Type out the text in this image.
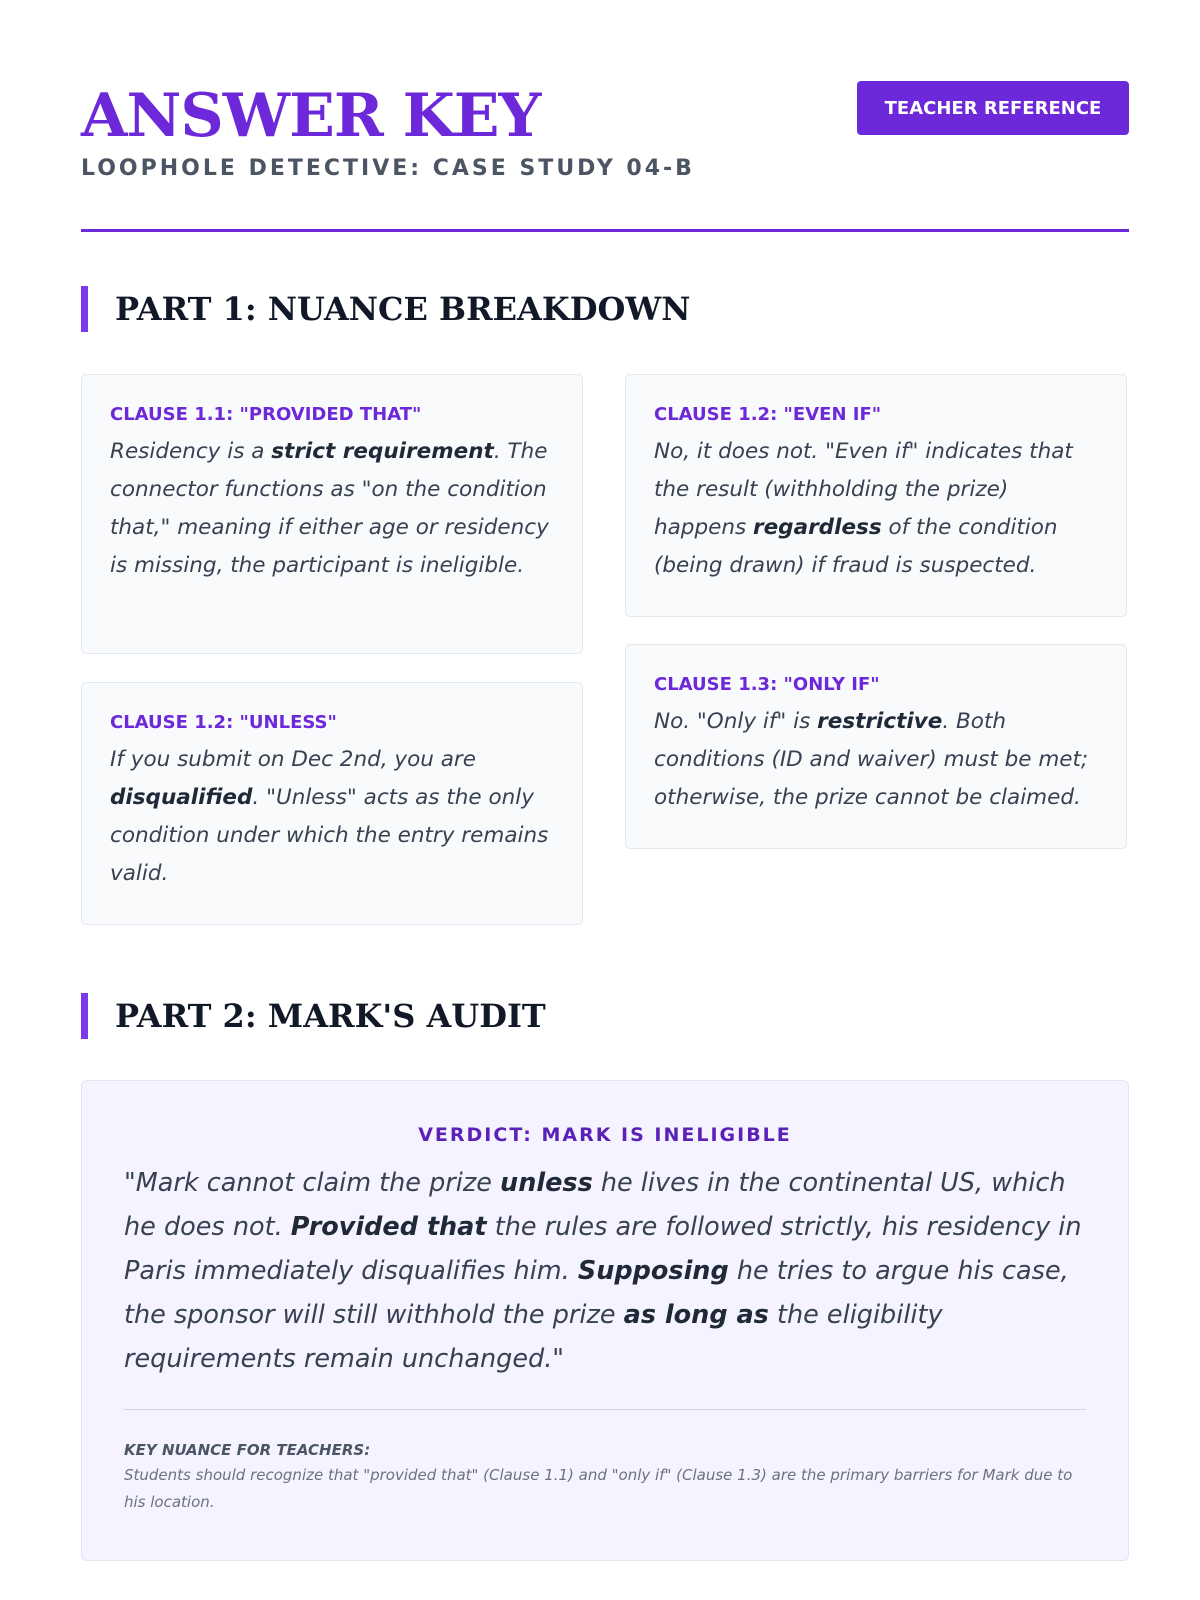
ANSWER KEY
LOOPHOLE DETECTIVE: CASE STUDY 04-B
TEACHER REFERENCE
PART 1: NUANCE BREAKDOWN
CLAUSE 1.1: "PROVIDED THAT"
Residency is a strict requirement. The connector functions as "on the condition that," meaning if either age or residency is missing, the participant is ineligible.
CLAUSE 1.2: "EVEN IF"
No, it does not. "Even if" indicates that the result (withholding the prize) happens regardless of the condition (being drawn) if fraud is suspected.
CLAUSE 1.2: "UNLESS"
If you submit on Dec 2nd, you are disqualified. "Unless" acts as the only condition under which the entry remains valid.
CLAUSE 1.3: "ONLY IF"
No. "Only if" is restrictive. Both conditions (ID and waiver) must be met; otherwise, the prize cannot be claimed.
PART 2: MARK'S AUDIT
VERDICT: MARK IS INELIGIBLE

"Mark cannot claim the prize unless he lives in the continental US, which he does not. Provided that the rules are followed strictly, his residency in Paris immediately disqualifies him. Supposing he tries to argue his case, the sponsor will still withhold the prize as long as the eligibility requirements remain unchanged."

KEY NUANCE FOR TEACHERS:
Students should recognize that "provided that" (Clause 1.1) and "only if" (Clause 1.3) are the primary barriers for Mark due to his location.
